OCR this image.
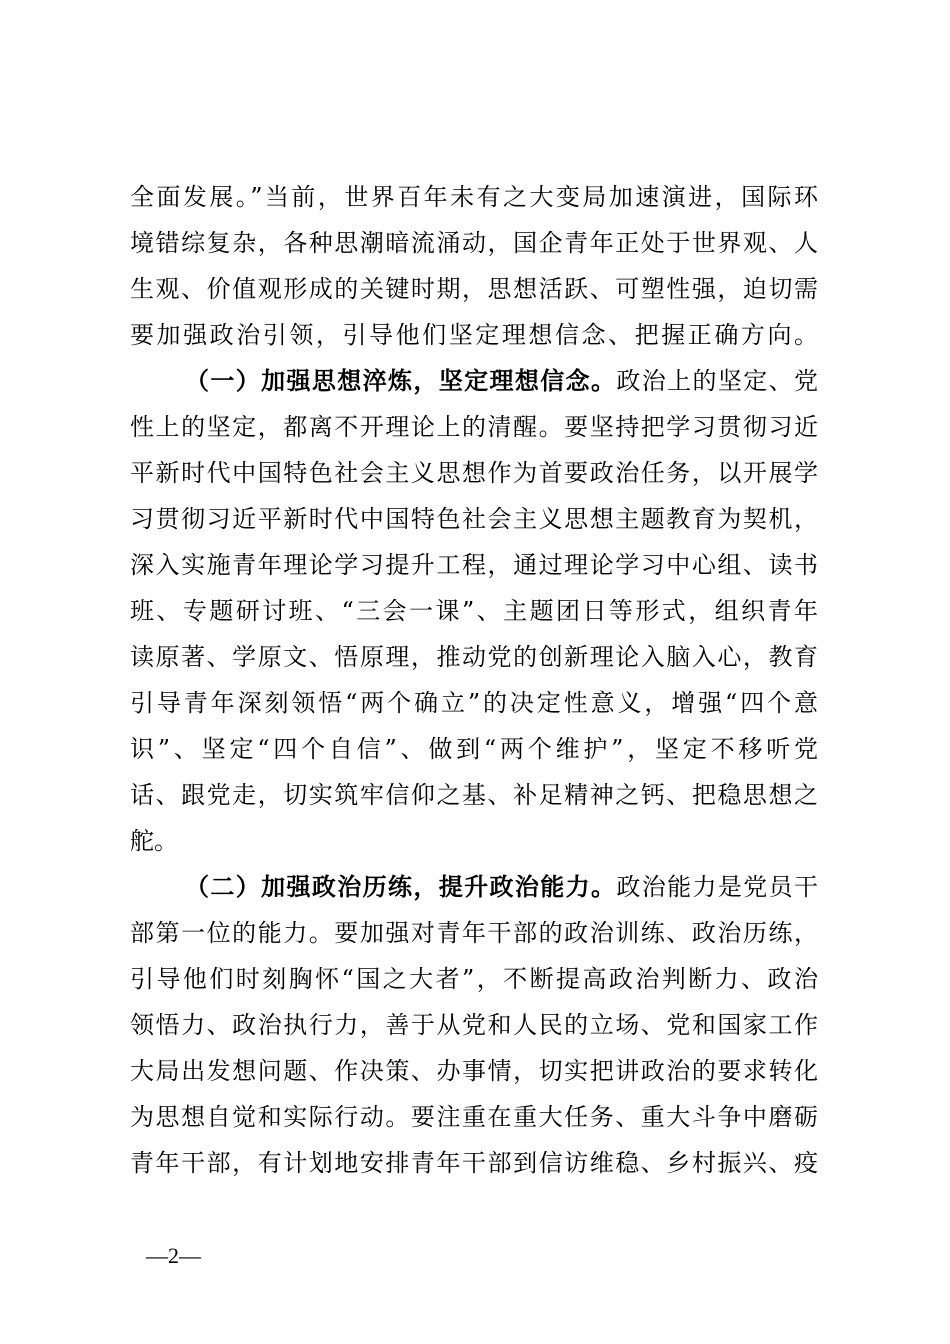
全面发展。”当前，世界百年未有之大变局加速演进，国际环
境错综复杂，各种思潮暗流涌动，国企青年正处于世界观、人
生观、价值观形成的关键时期，思想活跃、可塑性强，迫切需
要加强政治引领，引导他们坚定理想信念、把握正确方向。
（一）加强思想淬炼，坚定理想信念。政治上的坚定、党
性上的坚定，都离不开理论上的清醒。要坚持把学习贯彻习近
平新时代中国特色社会主义思想作为首要政治任务，以开展学
习贯彻习近平新时代中国特色社会主义思想主题教育为契机，
深入实施青年理论学习提升工程，通过理论学习中心组、读书
班、专题研讨班、“三会一课”、主题团日等形式，组织青年
读原著、学原文、悟原理，推动党的创新理论入脑入心，教育
引导青年深刻领悟“两个确立”的决定性意义，增强“四个意
识”、坚定“四个自信”、做到“两个维护”，坚定不移听党
话、跟党走，切实筑牢信仰之基、补足精神之钙、把稳思想之
舵。
（二）加强政治历练，提升政治能力。政治能力是党员干
部第一位的能力。要加强对青年干部的政治训练、政治历练，
引导他们时刻胸怀“国之大者”，不断提高政治判断力、政治
领悟力、政治执行力，善于从党和人民的立场、党和国家工作
大局出发想问题、作决策、办事情，切实把讲政治的要求转化
为思想自觉和实际行动。要注重在重大任务、重大斗争中磨砺
青年干部，有计划地安排青年干部到信访维稳、乡村振兴、疫
—2—
